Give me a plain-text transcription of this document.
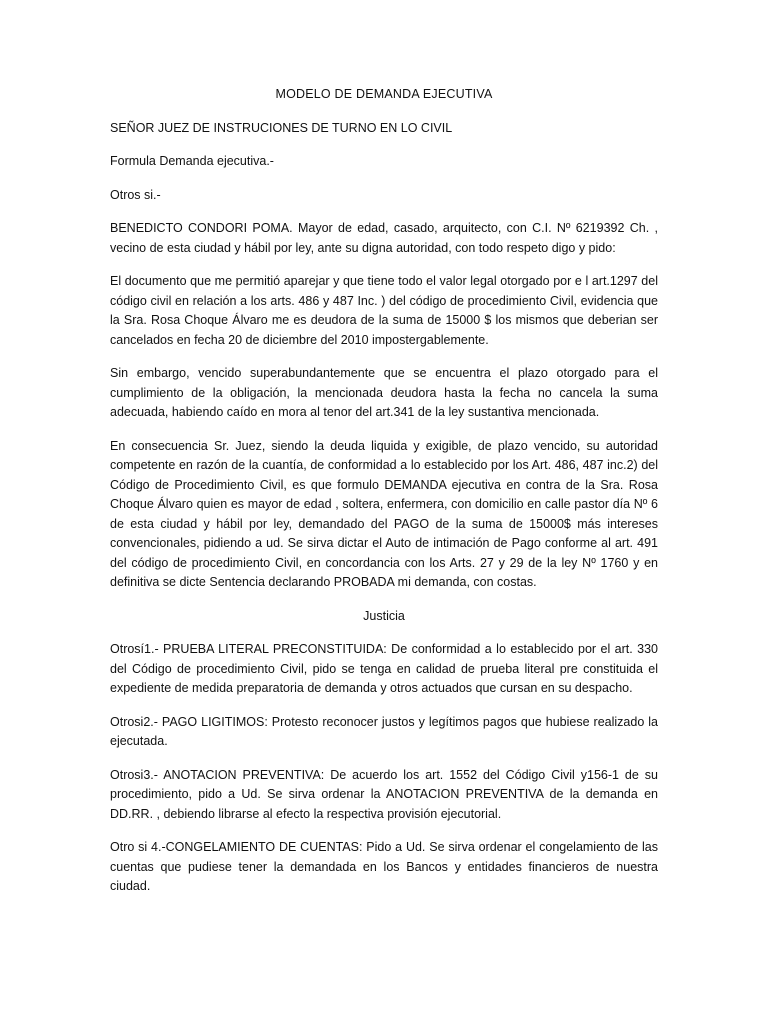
MODELO DE DEMANDA EJECUTIVA
SEÑOR JUEZ DE INSTRUCIONES DE TURNO EN LO CIVIL
Formula Demanda ejecutiva.-
Otros si.-
BENEDICTO CONDORI POMA. Mayor de edad, casado, arquitecto, con C.I. Nº 6219392 Ch. , vecino de esta ciudad y hábil por ley, ante su digna autoridad, con todo respeto digo y pido:
El documento que me permitió aparejar y que tiene todo el valor legal otorgado por e l art.1297 del código civil en relación a los arts. 486 y 487 Inc. ) del código de procedimiento Civil, evidencia que la Sra. Rosa Choque Álvaro me es deudora de la suma de 15000 $ los mismos que deberian ser cancelados en fecha 20 de diciembre del 2010 impostergablemente.
Sin embargo, vencido superabundantemente que se encuentra el plazo otorgado para el cumplimiento de la obligación, la mencionada deudora hasta la fecha no cancela la suma adecuada, habiendo caído en mora al tenor del art.341 de la ley sustantiva mencionada.
En consecuencia Sr. Juez, siendo la deuda liquida y exigible, de plazo vencido, su autoridad competente en razón de la cuantía, de conformidad a lo establecido por los Art. 486, 487 inc.2) del Código de Procedimiento Civil, es que formulo DEMANDA ejecutiva en contra de la Sra. Rosa Choque Álvaro quien es mayor de edad , soltera, enfermera, con domicilio en calle pastor día Nº 6 de esta ciudad y hábil por ley, demandado del PAGO de la suma de 15000$ más intereses convencionales, pidiendo a ud. Se sirva dictar el Auto de intimación de Pago conforme al art. 491 del código de procedimiento Civil, en concordancia con los Arts. 27 y 29 de la ley Nº 1760 y en definitiva se dicte Sentencia declarando PROBADA mi demanda, con costas.
Justicia
Otrosí1.- PRUEBA LITERAL PRECONSTITUIDA: De conformidad a lo establecido por el art. 330 del Código de procedimiento Civil, pido se tenga en calidad de prueba literal pre constituida el expediente de medida preparatoria de demanda y otros actuados que cursan en su despacho.
Otrosi2.- PAGO LIGITIMOS: Protesto reconocer justos y legítimos pagos que hubiese realizado la ejecutada.
Otrosi3.- ANOTACION PREVENTIVA: De acuerdo los art. 1552 del Código Civil y156-1 de su procedimiento, pido a Ud. Se sirva ordenar la ANOTACION PREVENTIVA de la demanda en DD.RR. , debiendo librarse al efecto la respectiva provisión ejecutorial.
Otro si 4.-CONGELAMIENTO DE CUENTAS: Pido a Ud. Se sirva ordenar el congelamiento de las cuentas que pudiese tener la demandada en los Bancos y entidades financieros de nuestra ciudad.
